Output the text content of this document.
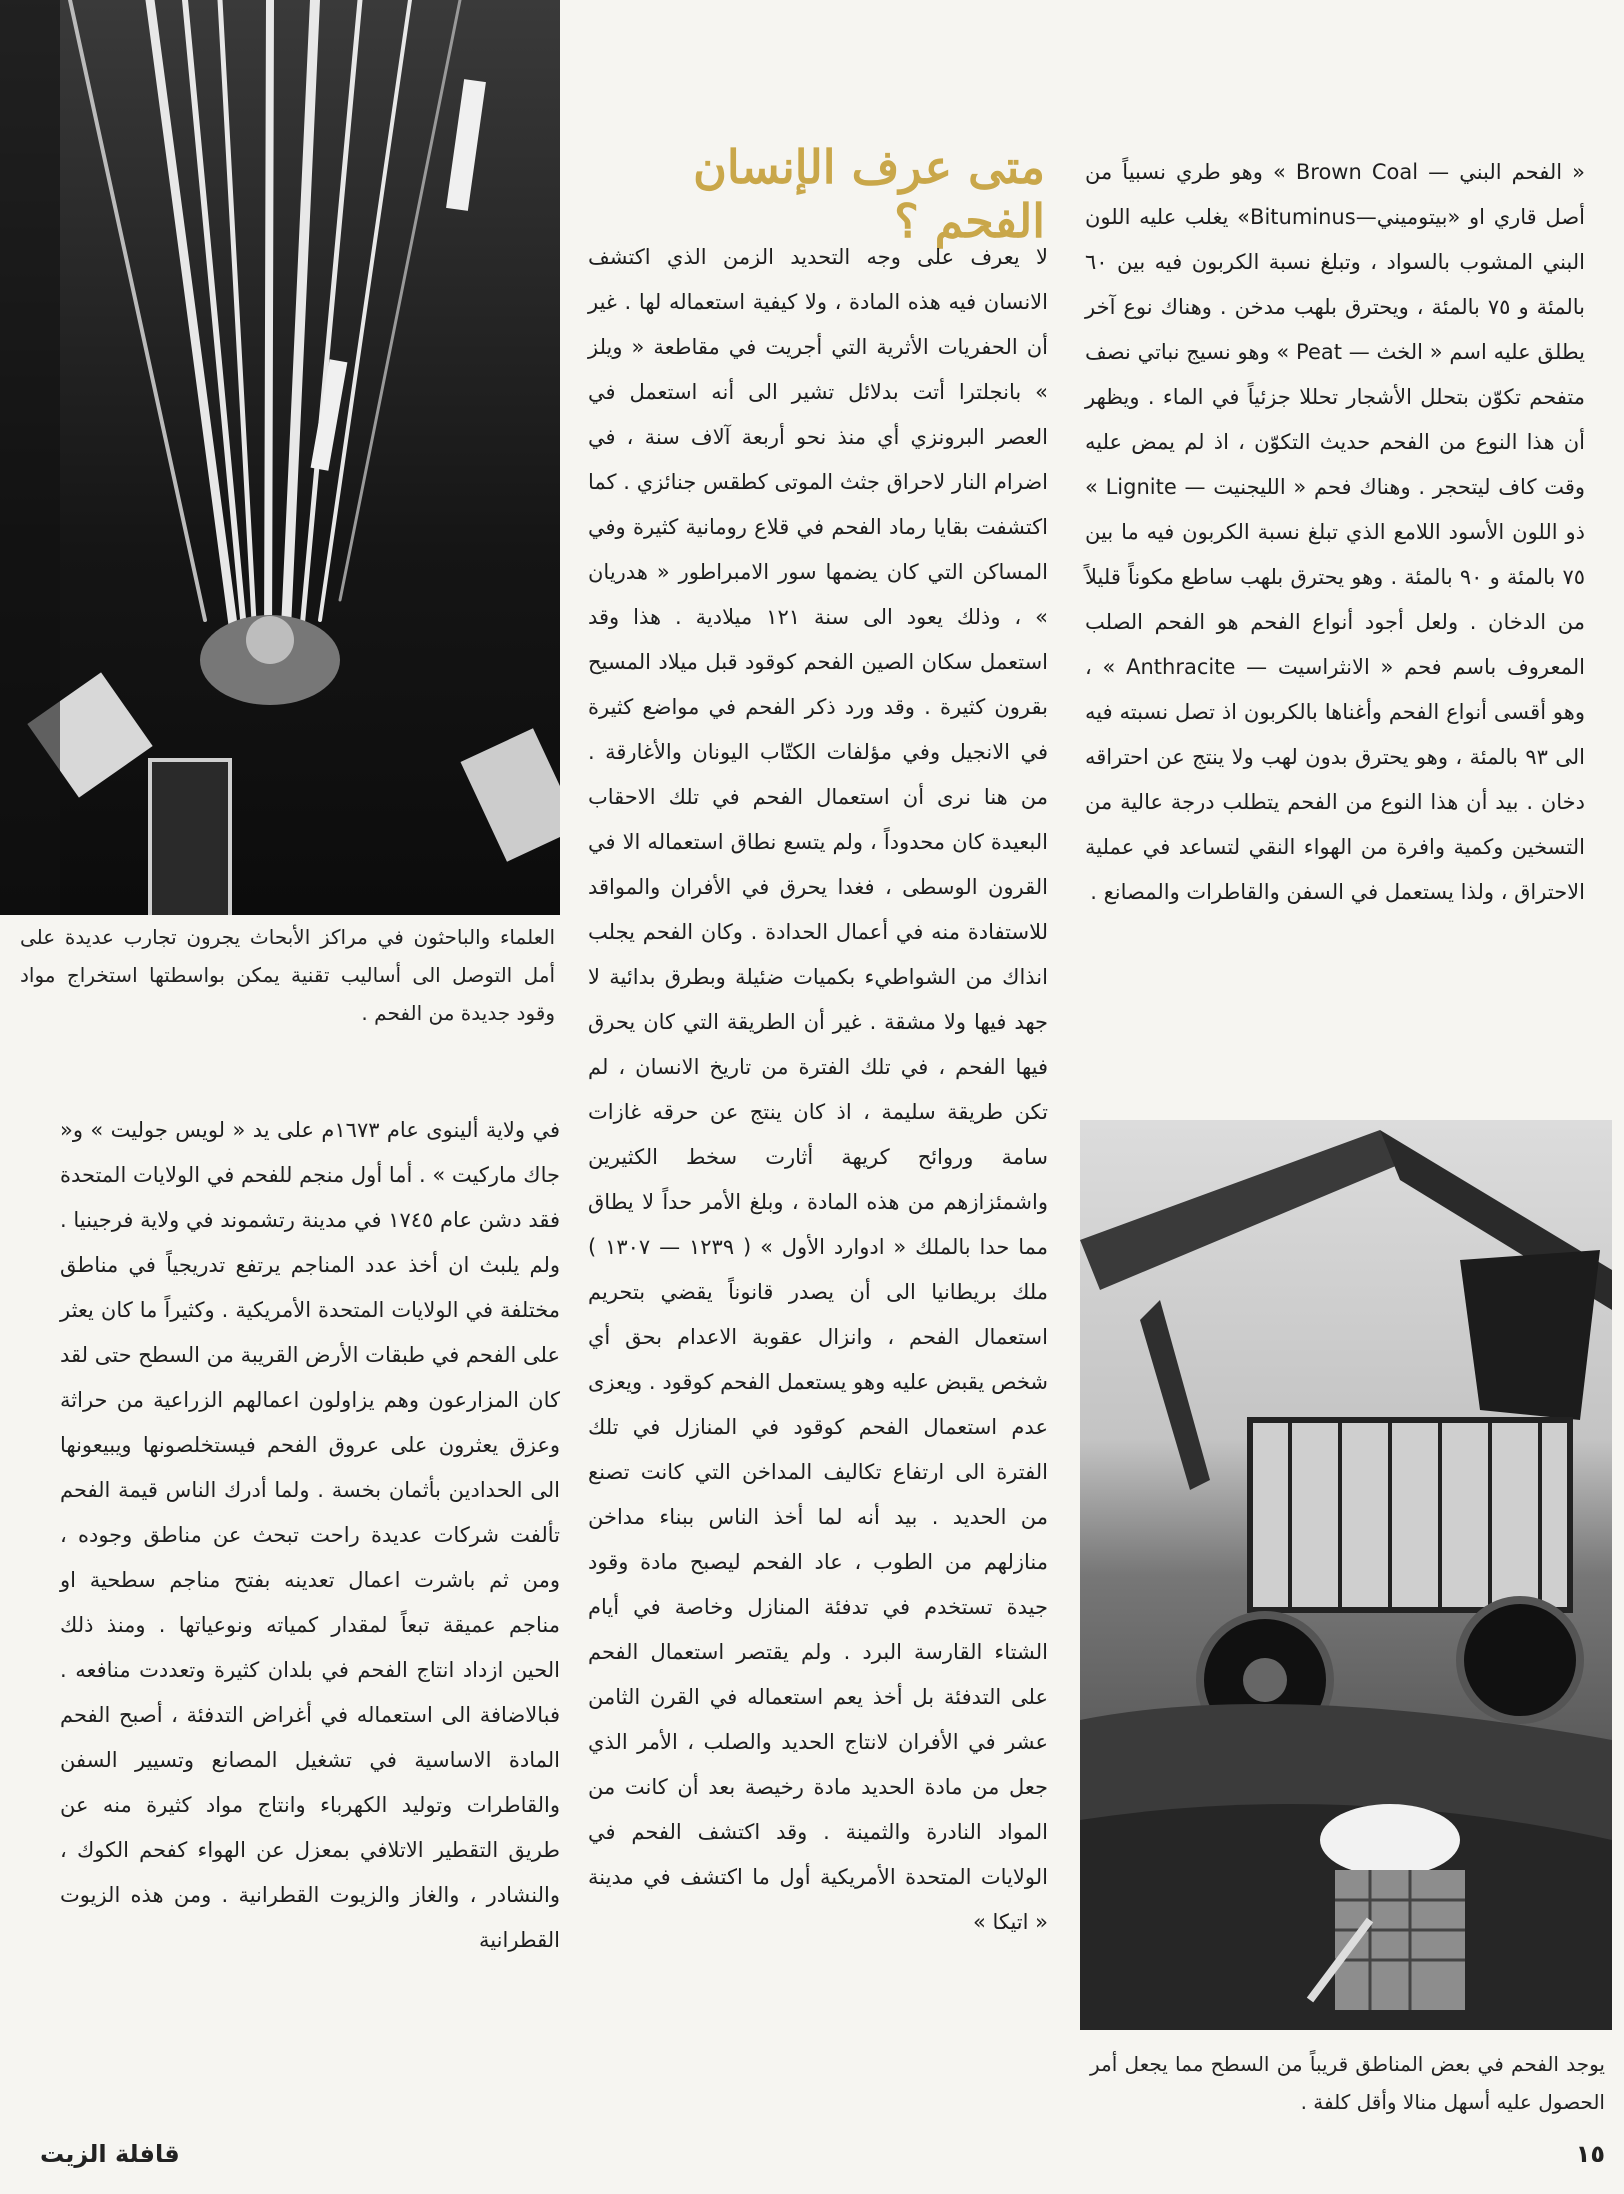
العلماء والباحثون في مراكز الأبحاث يجرون تجارب عديدة على أمل التوصل الى أساليب تقنية يمكن بواسطتها استخراج مواد وقود جديدة من الفحم .
متى عرف الإنسان الفحم ؟

« الفحم البني — Brown Coal » وهو طري نسبياً من أصل قاري او «بيتوميني—Bituminus» يغلب عليه اللون البني المشوب بالسواد ، وتبلغ نسبة الكربون فيه بين ٦٠ بالمئة و ٧٥ بالمئة ، ويحترق بلهب مدخن . وهناك نوع آخر يطلق عليه اسم « الخث — Peat » وهو نسيج نباتي نصف متفحم تكوّن بتحلل الأشجار تحللا جزئياً في الماء . ويظهر أن هذا النوع من الفحم حديث التكوّن ، اذ لم يمض عليه وقت كاف ليتحجر . وهناك فحم « الليجنيت — Lignite » ذو اللون الأسود اللامع الذي تبلغ نسبة الكربون فيه ما بين ٧٥ بالمئة و ٩٠ بالمئة . وهو يحترق بلهب ساطع مكوناً قليلاً من الدخان . ولعل أجود أنواع الفحم هو الفحم الصلب المعروف باسم فحم « الانثراسيت — Anthracite » ، وهو أقسى أنواع الفحم وأغناها بالكربون اذ تصل نسبته فيه الى ٩٣ بالمئة ، وهو يحترق بدون لهب ولا ينتج عن احتراقه دخان . بيد أن هذا النوع من الفحم يتطلب درجة عالية من التسخين وكمية وافرة من الهواء النقي لتساعد في عملية الاحتراق ، ولذا يستعمل في السفن والقاطرات والمصانع .

لا يعرف على وجه التحديد الزمن الذي اكتشف الانسان فيه هذه المادة ، ولا كيفية استعماله لها . غير أن الحفريات الأثرية التي أجريت في مقاطعة « ويلز » بانجلترا أتت بدلائل تشير الى أنه استعمل في العصر البرونزي أي منذ نحو أربعة آلاف سنة ، في اضرام النار لاحراق جثث الموتى كطقس جنائزي . كما اكتشفت بقايا رماد الفحم في قلاع رومانية كثيرة وفي المساكن التي كان يضمها سور الامبراطور « هدريان » ، وذلك يعود الى سنة ١٢١ ميلادية . هذا وقد استعمل سكان الصين الفحم كوقود قبل ميلاد المسيح بقرون كثيرة . وقد ورد ذكر الفحم في مواضع كثيرة في الانجيل وفي مؤلفات الكتّاب اليونان والأغارقة . من هنا نرى أن استعمال الفحم في تلك الاحقاب البعيدة كان محدوداً ، ولم يتسع نطاق استعماله الا في القرون الوسطى ، فغدا يحرق في الأفران والمواقد للاستفادة منه في أعمال الحدادة . وكان الفحم يجلب انذاك من الشواطيء بكميات ضئيلة وبطرق بدائية لا جهد فيها ولا مشقة . غير أن الطريقة التي كان يحرق فيها الفحم ، في تلك الفترة من تاريخ الانسان ، لم تكن طريقة سليمة ، اذ كان ينتج عن حرقه غازات سامة وروائح كريهة أثارت سخط الكثيرين واشمئزازهم من هذه المادة ، وبلغ الأمر حداً لا يطاق مما حدا بالملك « ادوارد الأول » ( ١٢٣٩ — ١٣٠٧ ) ملك بريطانيا الى أن يصدر قانوناً يقضي بتحريم استعمال الفحم ، وانزال عقوبة الاعدام بحق أي شخص يقبض عليه وهو يستعمل الفحم كوقود . ويعزى عدم استعمال الفحم كوقود في المنازل في تلك الفترة الى ارتفاع تكاليف المداخن التي كانت تصنع من الحديد . بيد أنه لما أخذ الناس ببناء مداخن منازلهم من الطوب ، عاد الفحم ليصبح مادة وقود جيدة تستخدم في تدفئة المنازل وخاصة في أيام الشتاء القارسة البرد . ولم يقتصر استعمال الفحم على التدفئة بل أخذ يعم استعماله في القرن الثامن عشر في الأفران لانتاج الحديد والصلب ، الأمر الذي جعل من مادة الحديد مادة رخيصة بعد أن كانت من المواد النادرة والثمينة . وقد اكتشف الفحم في الولايات المتحدة الأمريكية أول ما اكتشف في مدينة « اتيكا »

في ولاية ألينوى عام ١٦٧٣م على يد « لويس جوليت » و« جاك ماركيت » . أما أول منجم للفحم في الولايات المتحدة فقد دشن عام ١٧٤٥ في مدينة رتشموند في ولاية فرجينيا . ولم يلبث ان أخذ عدد المناجم يرتفع تدريجياً في مناطق مختلفة في الولايات المتحدة الأمريكية . وكثيراً ما كان يعثر على الفحم في طبقات الأرض القريبة من السطح حتى لقد كان المزارعون وهم يزاولون اعمالهم الزراعية من حراثة وعزق يعثرون على عروق الفحم فيستخلصونها ويبيعونها الى الحدادين بأثمان بخسة . ولما أدرك الناس قيمة الفحم تألفت شركات عديدة راحت تبحث عن مناطق وجوده ، ومن ثم باشرت اعمال تعدينه بفتح مناجم سطحية او مناجم عميقة تبعاً لمقدار كمياته ونوعياتها . ومنذ ذلك الحين ازداد انتاج الفحم في بلدان كثيرة وتعددت منافعه . فبالاضافة الى استعماله في أغراض التدفئة ، أصبح الفحم المادة الاساسية في تشغيل المصانع وتسيير السفن والقاطرات وتوليد الكهرباء وانتاج مواد كثيرة منه عن طريق التقطير الاتلافي بمعزل عن الهواء كفحم الكوك ، والنشادر ، والغاز والزيوت القطرانية . ومن هذه الزيوت القطرانية

يوجد الفحم في بعض المناطق قريباً من السطح مما يجعل أمر الحصول عليه أسهل منالا وأقل كلفة .
١٥
قافلة الزيت
